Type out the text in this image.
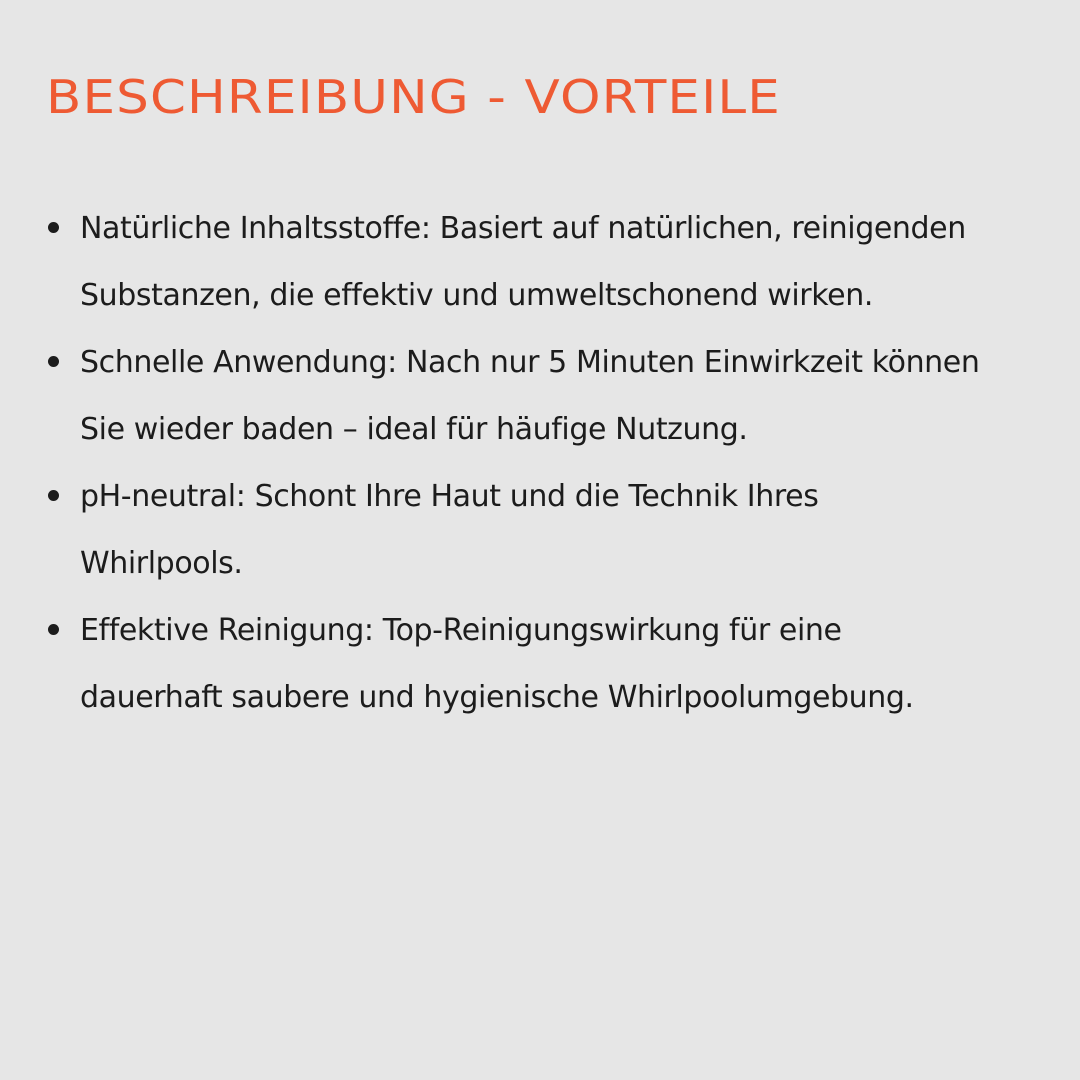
BESCHREIBUNG - VORTEILE
Natürliche Inhaltsstoffe: Basiert auf natürlichen, reinigenden
Substanzen, die effektiv und umweltschonend wirken.
Schnelle Anwendung: Nach nur 5 Minuten Einwirkzeit können
Sie wieder baden – ideal für häufige Nutzung.
pH-neutral: Schont Ihre Haut und die Technik Ihres
Whirlpools.
Effektive Reinigung: Top-Reinigungswirkung für eine
dauerhaft saubere und hygienische Whirlpoolumgebung.
